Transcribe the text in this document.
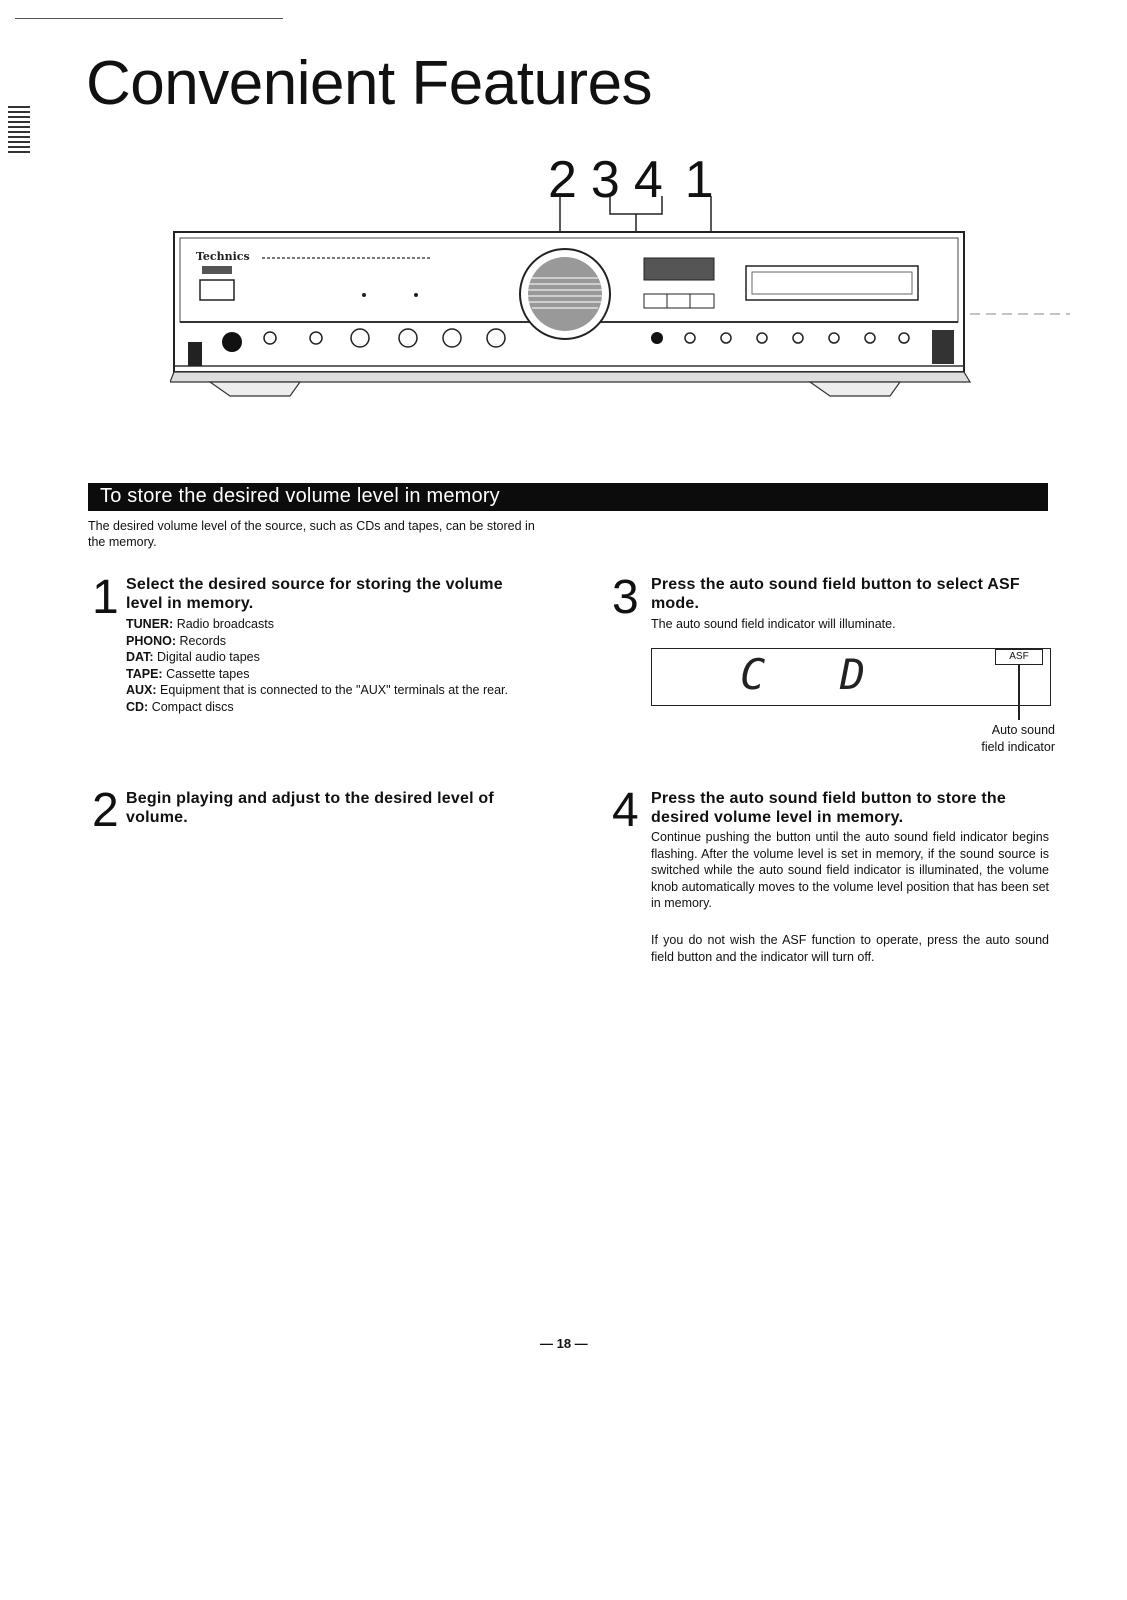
Convenient Features
2 3 4 1
Technics
To store the desired volume level in memory

The desired volume level of the source, such as CDs and tapes, can be stored in the memory.

1 Select the desired source for storing the volume level in memory.
TUNER: Radio broadcasts
PHONO: Records
DAT: Digital audio tapes
TAPE: Cassette tapes
AUX: Equipment that is connected to the "AUX" terminals at the rear.
CD: Compact discs
2 Begin playing and adjust to the desired level of volume.
3 Press the auto sound field button to select ASF mode.
The auto sound field indicator will illuminate.
C  D	ASF
Auto sound
field indicator
4 Press the auto sound field button to store the desired volume level in memory.
Continue pushing the button until the auto sound field indicator begins flashing. After the volume level is set in memory, if the sound source is switched while the auto sound field indicator is illuminated, the volume knob automatically moves to the volume level position that has been set in memory.
If you do not wish the ASF function to operate, press the auto sound field button and the indicator will turn off.
— 18 —
